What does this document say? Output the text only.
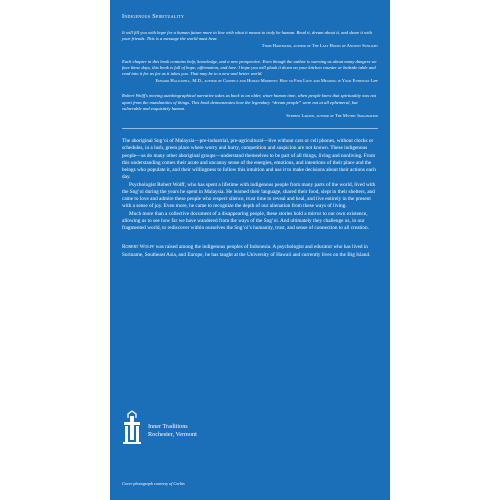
Indigenous Spirituality

It will fill you with hope for a human future more in line with what it means to truly be human. Read it, dream about it, and share it with your friends. This is a message the world must hear.

Thom Hartmann, author of The Last Hours of Ancient Sunlight

Each chapter in this book contains help, knowledge, and a new perspective. Even though the author is warning us about many dangers we face these days, this book is full of hope, affirmation, and love. I hope you will plunk it down on your kitchen counter or bedside table and read into it for as far as it takes you. That may be to a new and better world.

Edward Hallowell, M.D., author of Connect and Human Moments: How to Find Love and Meaning in Your Everyday Life

Robert Wolff's moving autobiographical narrative takes us back to an older, wiser human time, when people knew that spirituality was not apart from the mundanities of things. This book demonstrates how the legendary “dream people” were not at all ephemeral, but vulnerable and exquisitely human.

Stephen Larsen, author of The Mythic Imagination

The aboriginal Sng’oi of Malaysia—pre-industrial, pre-agricultural—live without cars or cell phones, without clocks or schedules, in a lush, green place where worry and hurry, competition and suspicion are not known. These indigenous people—as do many other aboriginal groups—understand themselves to be part of all things, living and nonliving. From this understanding comes their acute and uncanny sense of the energies, emotions, and intentions of their place and the beings who populate it, and their willingness to follow this intuition and use it to make decisions about their actions each day.

Psychologist Robert Wolff, who has spent a lifetime with indigenous people from many parts of the world, lived with the Sng’oi during the years he spent in Malaysia. He learned their language, shared their food, slept in their shelters, and came to love and admire these people who respect silence, trust time to reveal and heal, and live entirely in the present with a sense of joy. Even more, he came to recognize the depth of our alienation from these ways of living.

Much more than a collective document of a disappearing people, these stories hold a mirror to our own existence, allowing us to see how far we have wandered from the ways of the Sng’oi. And ultimately they challenge us, in our fragmented world, to rediscover within ourselves the Sng’oi’s humanity, trust, and sense of connection to all creation.

Robert Wolff was raised among the indigenous peoples of Indonesia. A psychologist and educator who has lived in Suriname, Southeast Asia, and Europe, he has taught at the University of Hawaii and currently lives on the Big Island.

Inner Traditions
Rochester, Vermont
Cover photograph courtesy of Corbis
